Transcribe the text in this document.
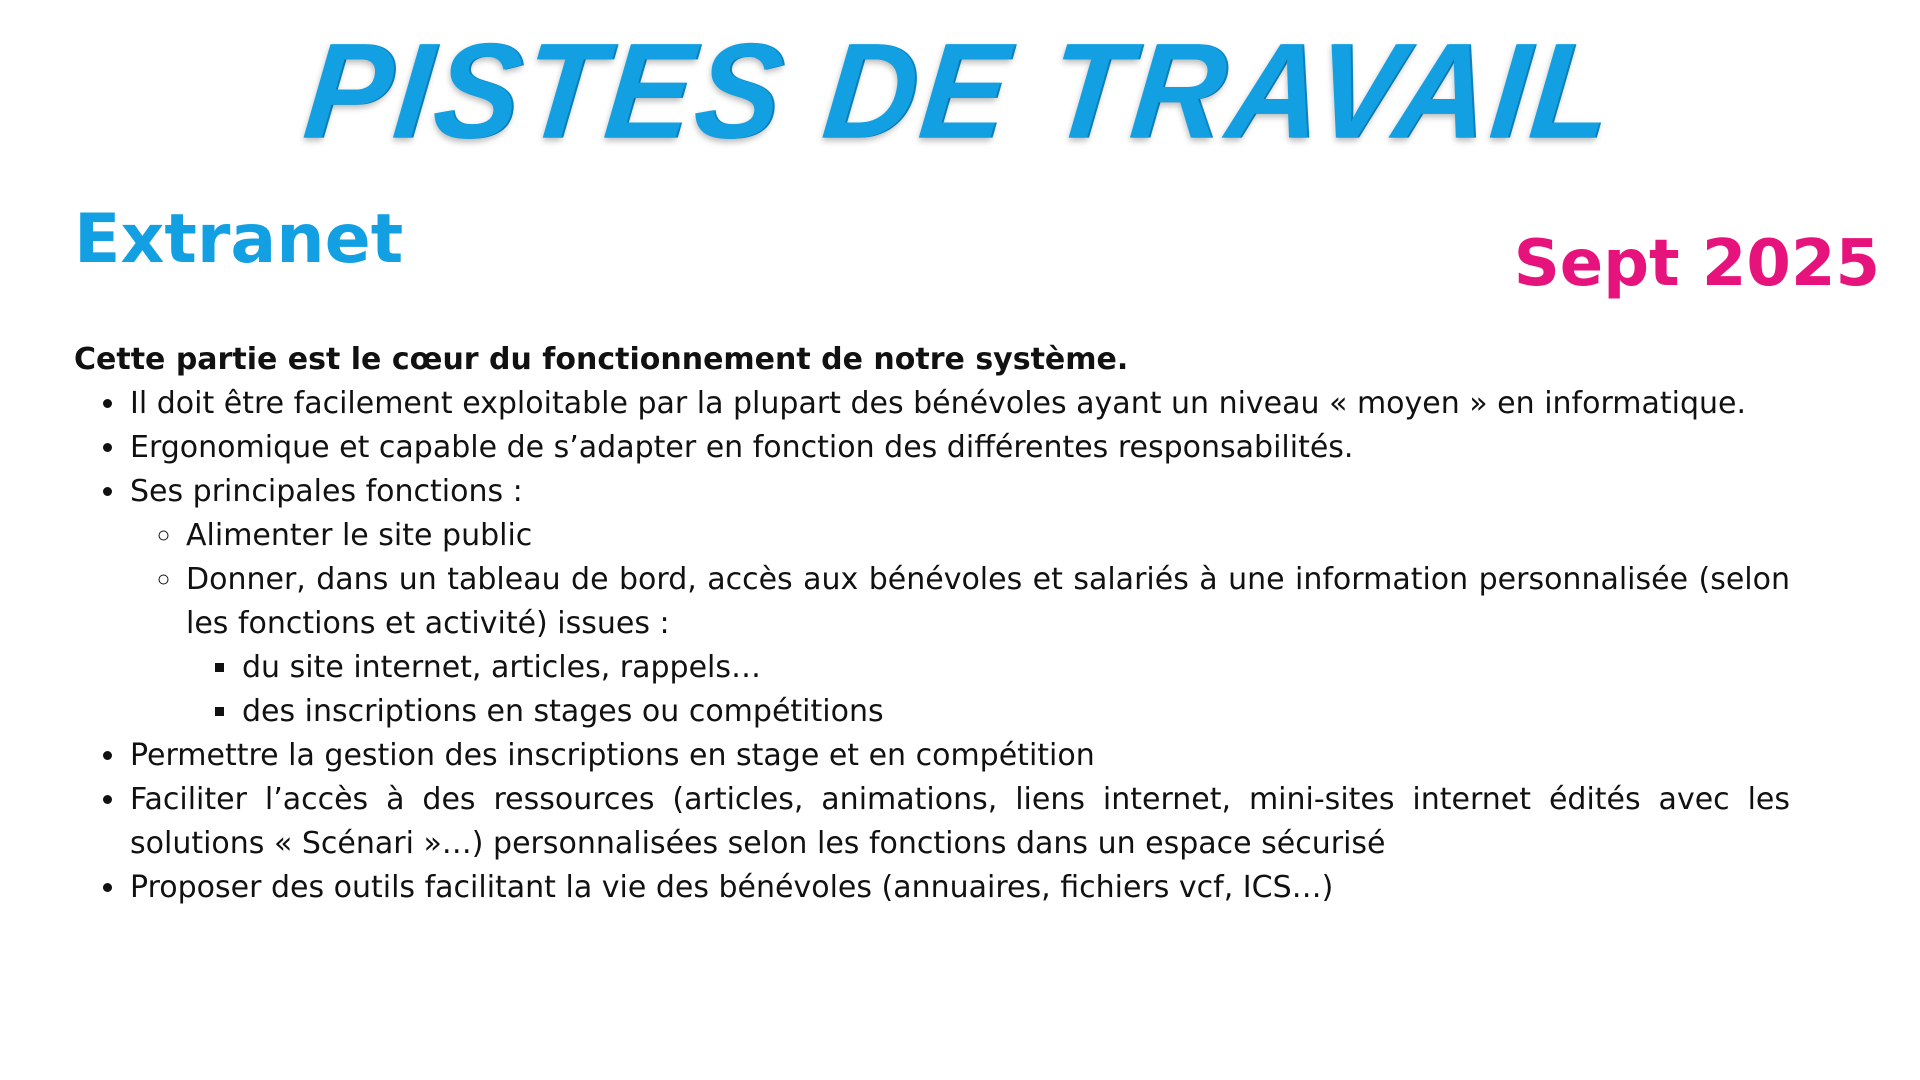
PISTES DE TRAVAIL
Extranet	Sept 2025

Cette partie est le cœur du fonctionnement de notre système.

• Il doit être facilement exploitable par la plupart des bénévoles ayant un niveau « moyen » en informatique.
• Ergonomique et capable de s’adapter en fonction des différentes responsabilités.
• Ses principales fonctions :
◦ Alimenter le site public
◦ Donner, dans un tableau de bord, accès aux bénévoles et salariés à une information personnalisée (selon les fonctions et activité) issues :
▪ du site internet, articles, rappels…
▪ des inscriptions en stages ou compétitions
• Permettre la gestion des inscriptions en stage et en compétition
• Faciliter l’accès à des ressources (articles, animations, liens internet, mini-sites internet édités avec les solutions « Scénari »…) personnalisées selon les fonctions dans un espace sécurisé
• Proposer des outils facilitant la vie des bénévoles (annuaires, fichiers vcf, ICS…)
